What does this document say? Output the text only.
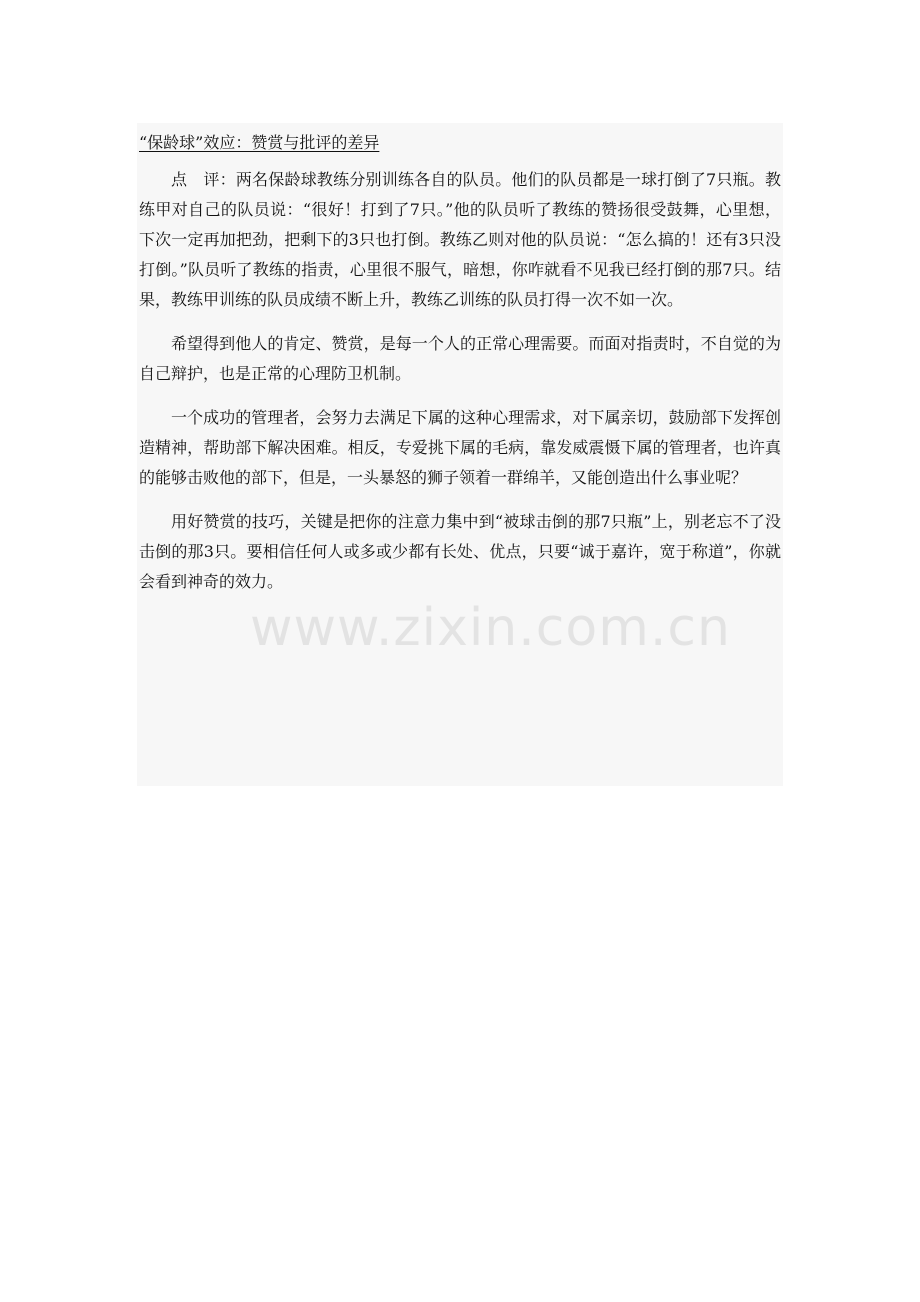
“保龄球”效应：赞赏与批评的差异

点　评：两名保龄球教练分别训练各自的队员。他们的队员都是一球打倒了7只瓶。教练甲对自己的队员说：“很好！打到了7只。”他的队员听了教练的赞扬很受鼓舞，心里想，下次一定再加把劲，把剩下的3只也打倒。教练乙则对他的队员说：“怎么搞的！还有3只没打倒。”队员听了教练的指责，心里很不服气，暗想，你咋就看不见我已经打倒的那7只。结果，教练甲训练的队员成绩不断上升，教练乙训练的队员打得一次不如一次。

希望得到他人的肯定、赞赏，是每一个人的正常心理需要。而面对指责时，不自觉的为自己辩护，也是正常的心理防卫机制。

一个成功的管理者，会努力去满足下属的这种心理需求，对下属亲切，鼓励部下发挥创造精神，帮助部下解决困难。相反，专爱挑下属的毛病，靠发威震慑下属的管理者，也许真的能够击败他的部下，但是，一头暴怒的狮子领着一群绵羊，又能创造出什么事业呢？

用好赞赏的技巧，关键是把你的注意力集中到“被球击倒的那7只瓶”上，别老忘不了没击倒的那3只。要相信任何人或多或少都有长处、优点，只要“诚于嘉许，宽于称道”，你就会看到神奇的效力。

www.zixin.com.cn
